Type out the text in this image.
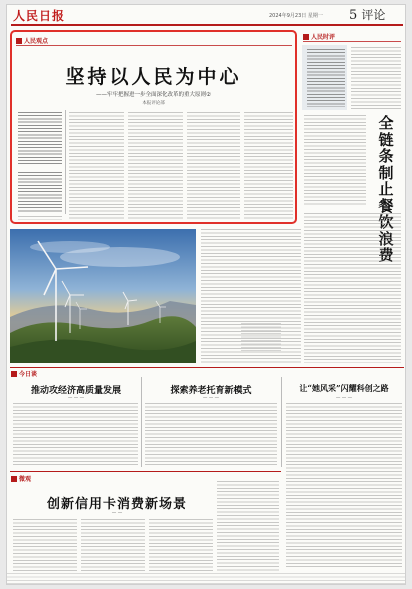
人民日报	2024年9月23日 星期一 5 评论
人民观点
坚持以人民为中心
——牢牢把握进一步全面深化改革的重大原则②
本报评论部
人民时评
全链条制止餐饮浪费
今日谈
推动攻经济高质量发展
— — —
探索养老托育新模式
— — —
让“她风采”闪耀科创之路
— — —
微观
创新信用卡消费新场景
— —
